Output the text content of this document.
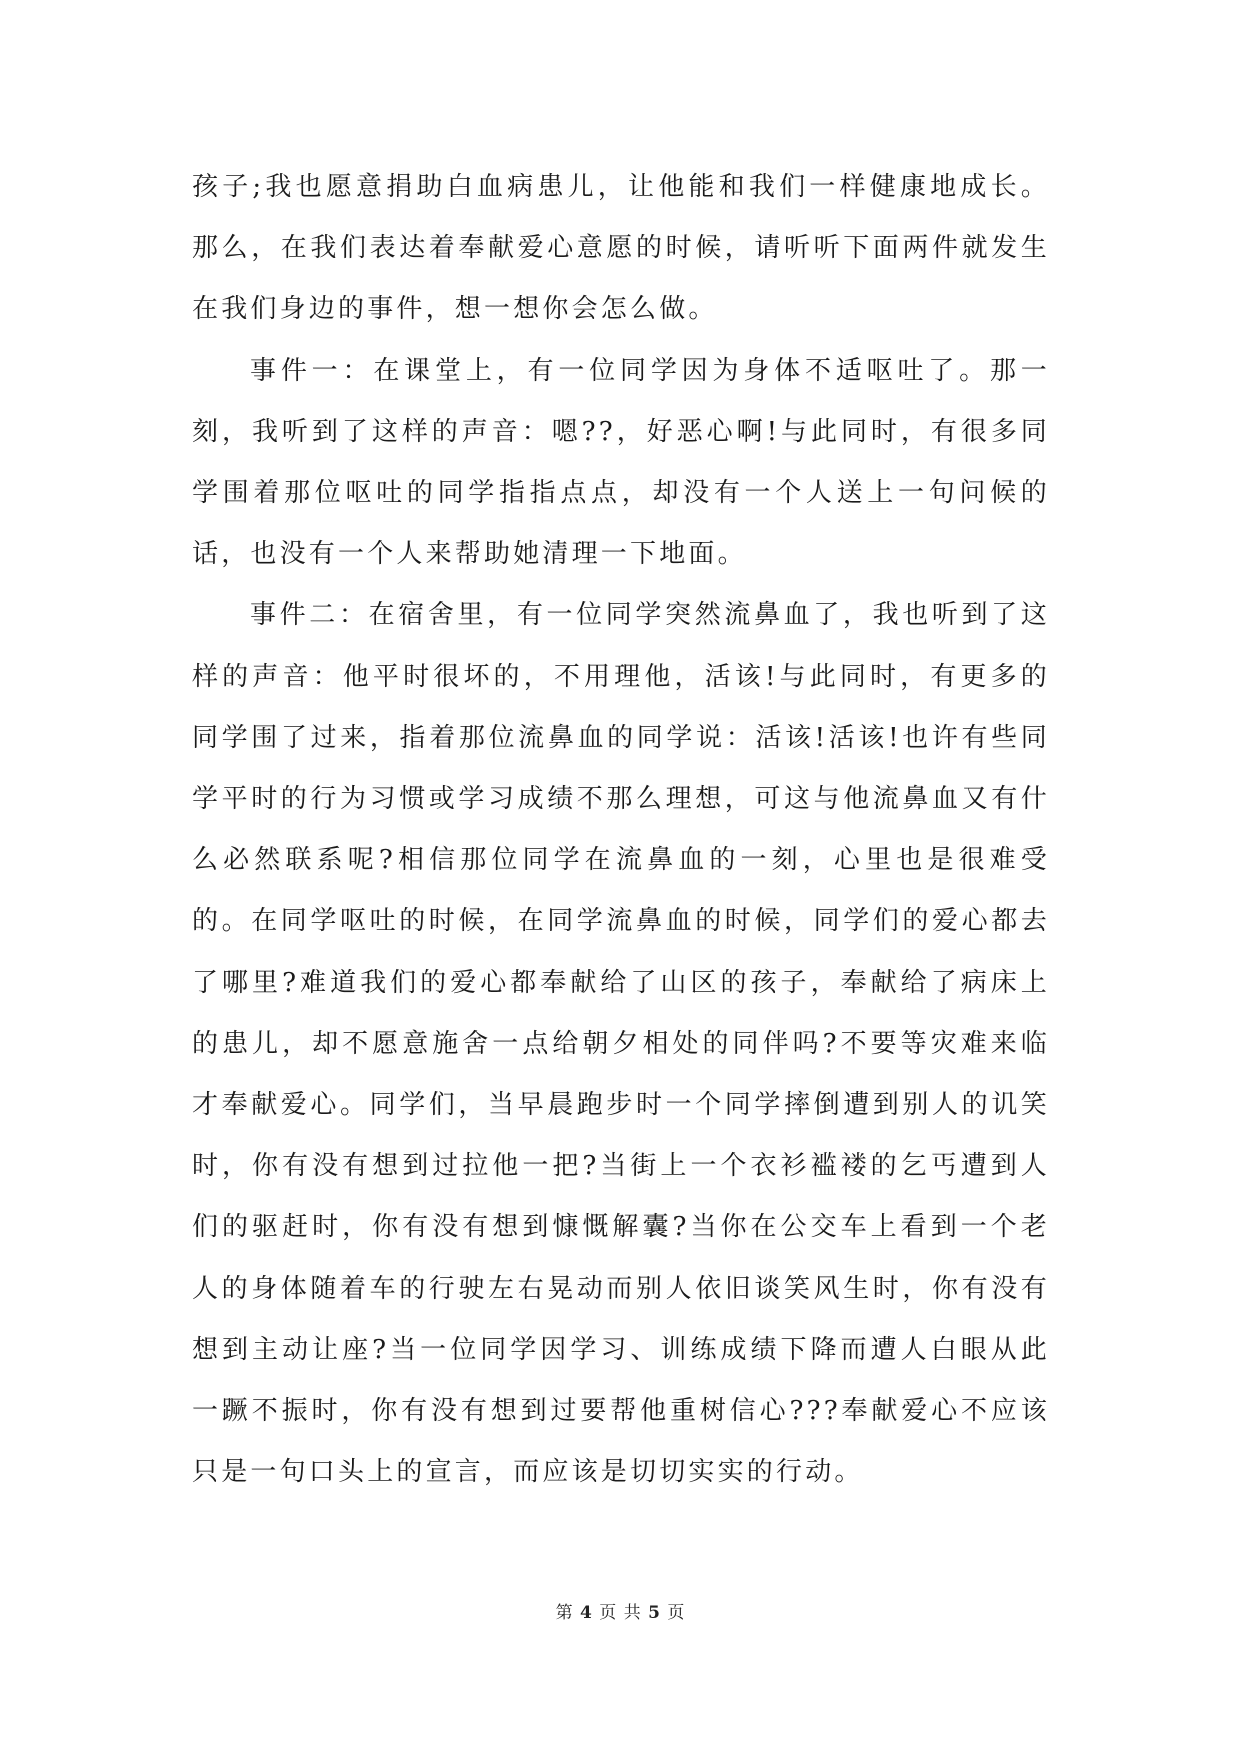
孩子;我也愿意捐助白血病患儿，让他能和我们一样健康地成长。那么，在我们表达着奉献爱心意愿的时候，请听听下面两件就发生在我们身边的事件，想一想你会怎么做。

事件一：在课堂上，有一位同学因为身体不适呕吐了。那一刻，我听到了这样的声音：嗯??，好恶心啊!与此同时，有很多同学围着那位呕吐的同学指指点点，却没有一个人送上一句问候的话，也没有一个人来帮助她清理一下地面。

事件二：在宿舍里，有一位同学突然流鼻血了，我也听到了这样的声音：他平时很坏的，不用理他，活该!与此同时，有更多的同学围了过来，指着那位流鼻血的同学说：活该!活该!也许有些同学平时的行为习惯或学习成绩不那么理想，可这与他流鼻血又有什么必然联系呢?相信那位同学在流鼻血的一刻，心里也是很难受的。在同学呕吐的时候，在同学流鼻血的时候，同学们的爱心都去了哪里?难道我们的爱心都奉献给了山区的孩子，奉献给了病床上的患儿，却不愿意施舍一点给朝夕相处的同伴吗?不要等灾难来临才奉献爱心。同学们，当早晨跑步时一个同学摔倒遭到别人的讥笑时，你有没有想到过拉他一把?当街上一个衣衫褴褛的乞丐遭到人们的驱赶时，你有没有想到慷慨解囊?当你在公交车上看到一个老人的身体随着车的行驶左右晃动而别人依旧谈笑风生时，你有没有想到主动让座?当一位同学因学习、训练成绩下降而遭人白眼从此一蹶不振时，你有没有想到过要帮他重树信心???奉献爱心不应该只是一句口头上的宣言，而应该是切切实实的行动。

第 4 页 共 5 页
